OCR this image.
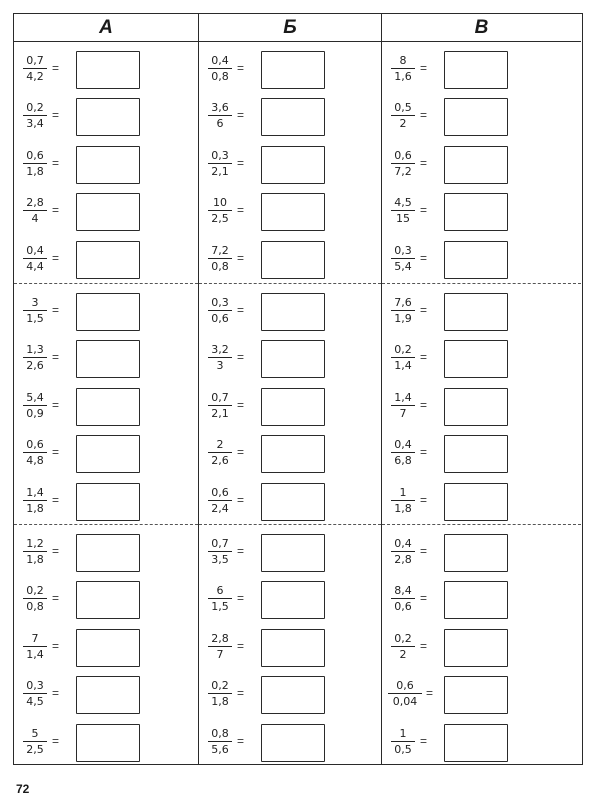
А
$\frac{0,7}{4,2}$ =
$\frac{0,2}{3,4}$ =
$\frac{0,6}{1,8}$ =
$\frac{2,8}{4}$ =
$\frac{0,4}{4,4}$ =
$\frac{3}{1,5}$ =
$\frac{1,3}{2,6}$ =
$\frac{5,4}{0,9}$ =
$\frac{0,6}{4,8}$ =
$\frac{1,4}{1,8}$ =
$\frac{1,2}{1,8}$ =
$\frac{0,2}{0,8}$ =
$\frac{7}{1,4}$ =
$\frac{0,3}{4,5}$ =
$\frac{5}{2,5}$ =
Б
$\frac{0,4}{0,8}$ =
$\frac{3,6}{6}$ =
$\frac{0,3}{2,1}$ =
$\frac{10}{2,5}$ =
$\frac{7,2}{0,8}$ =
$\frac{0,3}{0,6}$ =
$\frac{3,2}{3}$ =
$\frac{0,7}{2,1}$ =
$\frac{2}{2,6}$ =
$\frac{0,6}{2,4}$ =
$\frac{0,7}{3,5}$ =
$\frac{6}{1,5}$ =
$\frac{2,8}{7}$ =
$\frac{0,2}{1,8}$ =
$\frac{0,8}{5,6}$ =
В
$\frac{8}{1,6}$ =
$\frac{0,5}{2}$ =
$\frac{0,6}{7,2}$ =
$\frac{4,5}{15}$ =
$\frac{0,3}{5,4}$ =
$\frac{7,6}{1,9}$ =
$\frac{0,2}{1,4}$ =
$\frac{1,4}{7}$ =
$\frac{0,4}{6,8}$ =
$\frac{1}{1,8}$ =
$\frac{0,4}{2,8}$ =
$\frac{8,4}{0,6}$ =
$\frac{0,2}{2}$ =
$\frac{0,6}{0,04}$ =
$\frac{1}{0,5}$ =
72
